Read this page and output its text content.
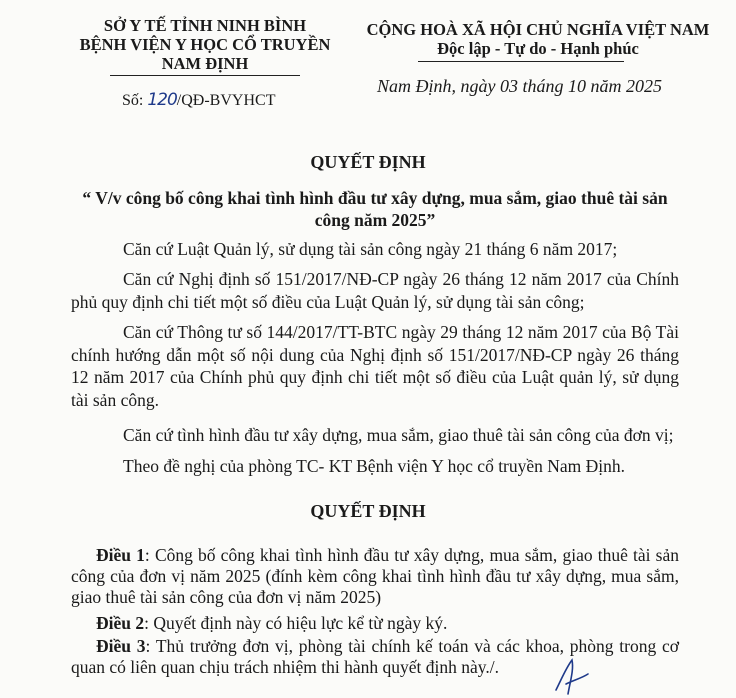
SỞ Y TẾ TỈNH NINH BÌNH
BỆNH VIỆN Y HỌC CỔ TRUYỀN
NAM ĐỊNH
CỘNG HOÀ XÃ HỘI CHỦ NGHĨA VIỆT NAM
Độc lập - Tự do - Hạnh phúc
Số: 120/QĐ-BVYHCT
Nam Định, ngày 03 tháng 10 năm 2025
QUYẾT ĐỊNH
“ V/v công bố công khai tình hình đầu tư xây dựng, mua sắm, giao thuê tài sản công năm 2025”
Căn cứ Luật Quản lý, sử dụng tài sản công ngày 21 tháng 6 năm 2017;
Căn cứ Nghị định số 151/2017/NĐ-CP ngày 26 tháng 12 năm 2017 của Chính phủ quy định chi tiết một số điều của Luật Quản lý, sử dụng tài sản công;
Căn cứ Thông tư số 144/2017/TT-BTC ngày 29 tháng 12 năm 2017 của Bộ Tài chính hướng dẫn một số nội dung của Nghị định số 151/2017/NĐ-CP ngày 26 tháng 12 năm 2017 của Chính phủ quy định chi tiết một số điều của Luật quản lý, sử dụng tài sản công.
Căn cứ tình hình đầu tư xây dựng, mua sắm, giao thuê tài sản công của đơn vị;
Theo đề nghị của phòng TC- KT Bệnh viện Y học cổ truyền Nam Định.
QUYẾT ĐỊNH
Điều 1: Công bố công khai tình hình đầu tư xây dựng, mua sắm, giao thuê tài sản công của đơn vị năm 2025 (đính kèm công khai tình hình đầu tư xây dựng, mua sắm, giao thuê tài sản công của đơn vị năm 2025)
Điều 2: Quyết định này có hiệu lực kể từ ngày ký.
Điều 3: Thủ trưởng đơn vị, phòng tài chính kế toán và các khoa, phòng trong cơ quan có liên quan chịu trách nhiệm thi hành quyết định này./.
